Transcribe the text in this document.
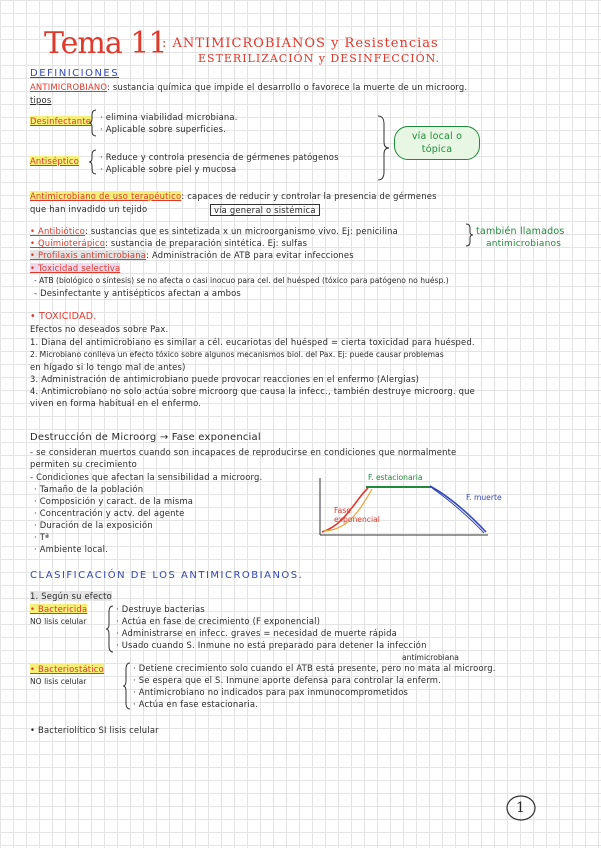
Tema 11
: ANTIMICROBIANOS y Resistencias
ESTERILIZACIÓN y DESINFECCIÓN.
DEFINICIONES
ANTIMICROBIANO: sustancia química que impide el desarrollo o favorece la muerte de un microorg.
tipos
Desinfectante · elimina viabilidad microbiana.
· Aplicable sobre superficies.
Antiséptico · Reduce y controla presencia de gérmenes patógenos
· Aplicable sobre piel y mucosa
vía local o tópica
Antimicrobiano de uso terapéutico: capaces de reducir y controlar la presencia de gérmenes
que han invadido un tejido	vía general o sistémica
• Antibiótico: sustancias que es sintetizada x un microorganismo vivo. Ej: penicilina
• Quimioterápico: sustancia de preparación sintética. Ej: sulfas
• Profilaxis antimicrobiana: Administración de ATB para evitar infecciones
también llamados
antimicrobianos
• Toxicidad selectiva
- ATB (biológico o síntesis) se no afecta o casi inocuo para cel. del huésped (tóxico para patógeno no huésp.)
- Desinfectante y antisépticos afectan a ambos
• TOXICIDAD.
Efectos no deseados sobre Pax.
1. Diana del antimicrobiano es similar a cél. eucariotas del huésped = cierta toxicidad para huésped.
2. Microbiano conlleva un efecto tóxico sobre algunos mecanismos biol. del Pax. Ej: puede causar problemas
en hígado si lo tengo mal de antes)
3. Administración de antimicrobiano puede provocar reacciones en el enfermo (Alergias)
4. Antimicrobiano no solo actúa sobre microorg que causa la infecc., también destruye microorg. que
viven en forma habitual en el enfermo.
Destrucción de Microorg → Fase exponencial
- se consideran muertos cuando son incapaces de reproducirse en condiciones que normalmente
permiten su crecimiento
- Condiciones que afectan la sensibilidad a microorg.
· Tamaño de la población
· Composición y caract. de la misma
· Concentración y actv. del agente
· Duración de la exposición
· Tª
· Ambiente local.
F. estacionaria
F. muerte
Fase exponencial
CLASIFICACIÓN DE LOS ANTIMICROBIANOS.
1. Según su efecto
• Bactericida
NO lisis celular
· Destruye bacterias
· Actúa en fase de crecimiento (F exponencial)
· Administrarse en infecc. graves = necesidad de muerte rápida
· Usado cuando S. Inmune no está preparado para detener la infección
antimicrobiana
• Bacteriostático
NO lisis celular
· Detiene crecimiento solo cuando el ATB está presente, pero no mata al microorg.
· Se espera que el S. Inmune aporte defensa para controlar la enferm.
· Antimicrobiano no indicados para pax inmunocomprometidos
· Actúa en fase estacionaria.
• Bacteriolítico SI lisis celular
1
